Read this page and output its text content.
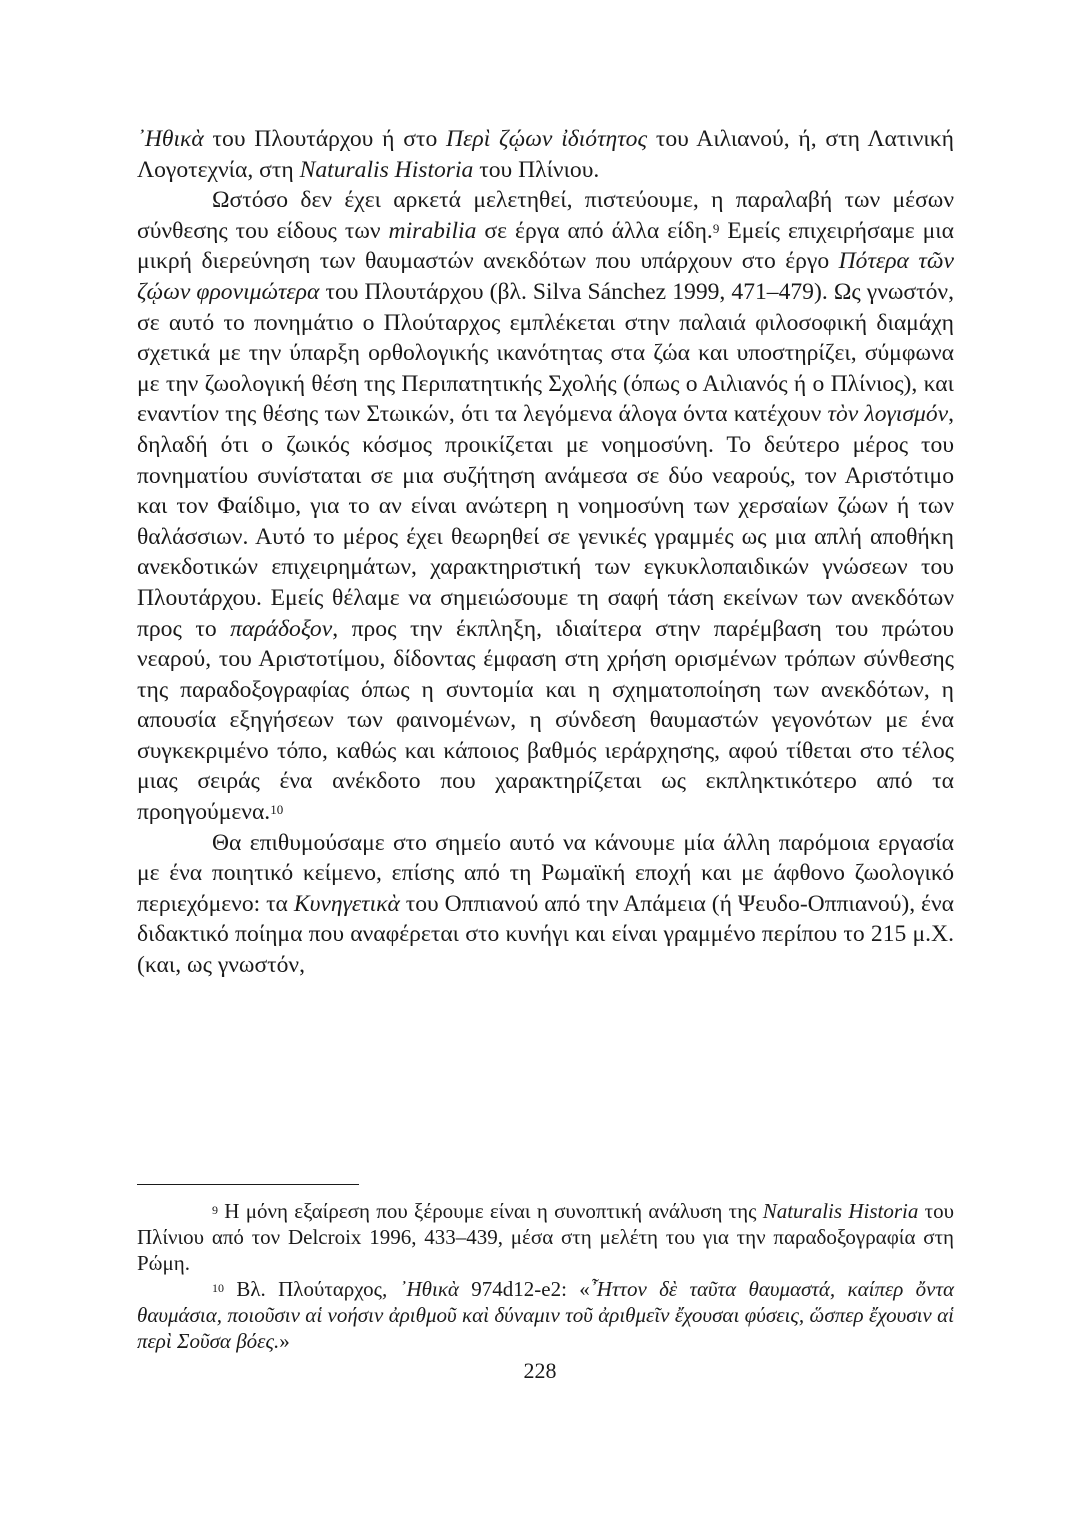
᾿Ηθικὰ του Πλουτάρχου ή στο Περὶ ζῴων ἰδιότητος του Αιλιανού, ή, στη Λατινική Λογοτεχνία, στη Naturalis Historia του Πλίνιου.

Ωστόσο δεν έχει αρκετά μελετηθεί, πιστεύουμε, η παραλαβή των μέσων σύνθεσης του είδους των mirabilia σε έργα από άλλα είδη.$^9$ Εμείς επιχειρήσαμε μια μικρή διερεύνηση των θαυμαστών ανεκδότων που υπάρχουν στο έργο Πότερα τῶν ζῴων φρονιμώτερα του Πλουτάρχου (βλ. Silva Sánchez 1999, 471–479). Ως γνωστόν, σε αυτό το πονημάτιο ο Πλούταρχος εμπλέκεται στην παλαιά φιλοσοφική διαμάχη σχετικά με την ύπαρξη ορθολογικής ικανότητας στα ζώα και υποστηρίζει, σύμφωνα με την ζωολογική θέση της Περιπατητικής Σχολής (όπως ο Αιλιανός ή ο Πλίνιος), και εναντίον της θέσης των Στωικών, ότι τα λεγόμενα άλογα όντα κατέχουν τὸν λογισμόν, δηλαδή ότι ο ζωικός κόσμος προικίζεται με νοημοσύνη. Το δεύτερο μέρος του πονηματίου συνίσταται σε μια συζήτηση ανάμεσα σε δύο νεαρούς, τον Αριστότιμο και τον Φαίδιμο, για το αν είναι ανώτερη η νοημοσύνη των χερσαίων ζώων ή των θαλάσσιων. Αυτό το μέρος έχει θεωρηθεί σε γενικές γραμμές ως μια απλή αποθήκη ανεκδοτικών επιχειρημάτων, χαρακτηριστική των εγκυκλοπαιδικών γνώσεων του Πλουτάρχου. Εμείς θέλαμε να σημειώσουμε τη σαφή τάση εκείνων των ανεκδότων προς το παράδοξον, προς την έκπληξη, ιδιαίτερα στην παρέμβαση του πρώτου νεαρού, του Αριστοτίμου, δίδοντας έμφαση στη χρήση ορισμένων τρόπων σύνθεσης της παραδοξογραφίας όπως η συντομία και η σχηματοποίηση των ανεκδότων, η απουσία εξηγήσεων των φαινομένων, η σύνδεση θαυμαστών γεγονότων με ένα συγκεκριμένο τόπο, καθώς και κάποιος βαθμός ιεράρχησης, αφού τίθεται στο τέλος μιας σειράς ένα ανέκδοτο που χαρακτηρίζεται ως εκπληκτικότερο από τα προηγούμενα.$^{10}$

Θα επιθυμούσαμε στο σημείο αυτό να κάνουμε μία άλλη παρόμοια εργασία με ένα ποιητικό κείμενο, επίσης από τη Ρωμαϊκή εποχή και με άφθονο ζωολογικό περιεχόμενο: τα Κυνηγετικὰ του Οππιανού από την Απάμεια (ή Ψευδο-Οππιανού), ένα διδακτικό ποίημα που αναφέρεται στο κυνήγι και είναι γραμμένο περίπου το 215 μ.Χ. (και, ως γνωστόν,

$^9$ Η μόνη εξαίρεση που ξέρουμε είναι η συνοπτική ανάλυση της Naturalis Historia του Πλίνιου από τον Delcroix 1996, 433–439, μέσα στη μελέτη του για την παραδοξογραφία στη Ρώμη.

$^{10}$ Βλ. Πλούταρχος, ᾿Ηθικὰ 974d12-e2: «῏Ηττον δὲ ταῦτα θαυμαστά, καίπερ ὄντα θαυμάσια, ποιοῦσιν αἱ νοήσιν ἀριθμοῦ καὶ δύναμιν τοῦ ἀριθμεῖν ἔχουσαι φύσεις, ὥσπερ ἔχουσιν αἱ περὶ Σοῦσα βόες.»

228
